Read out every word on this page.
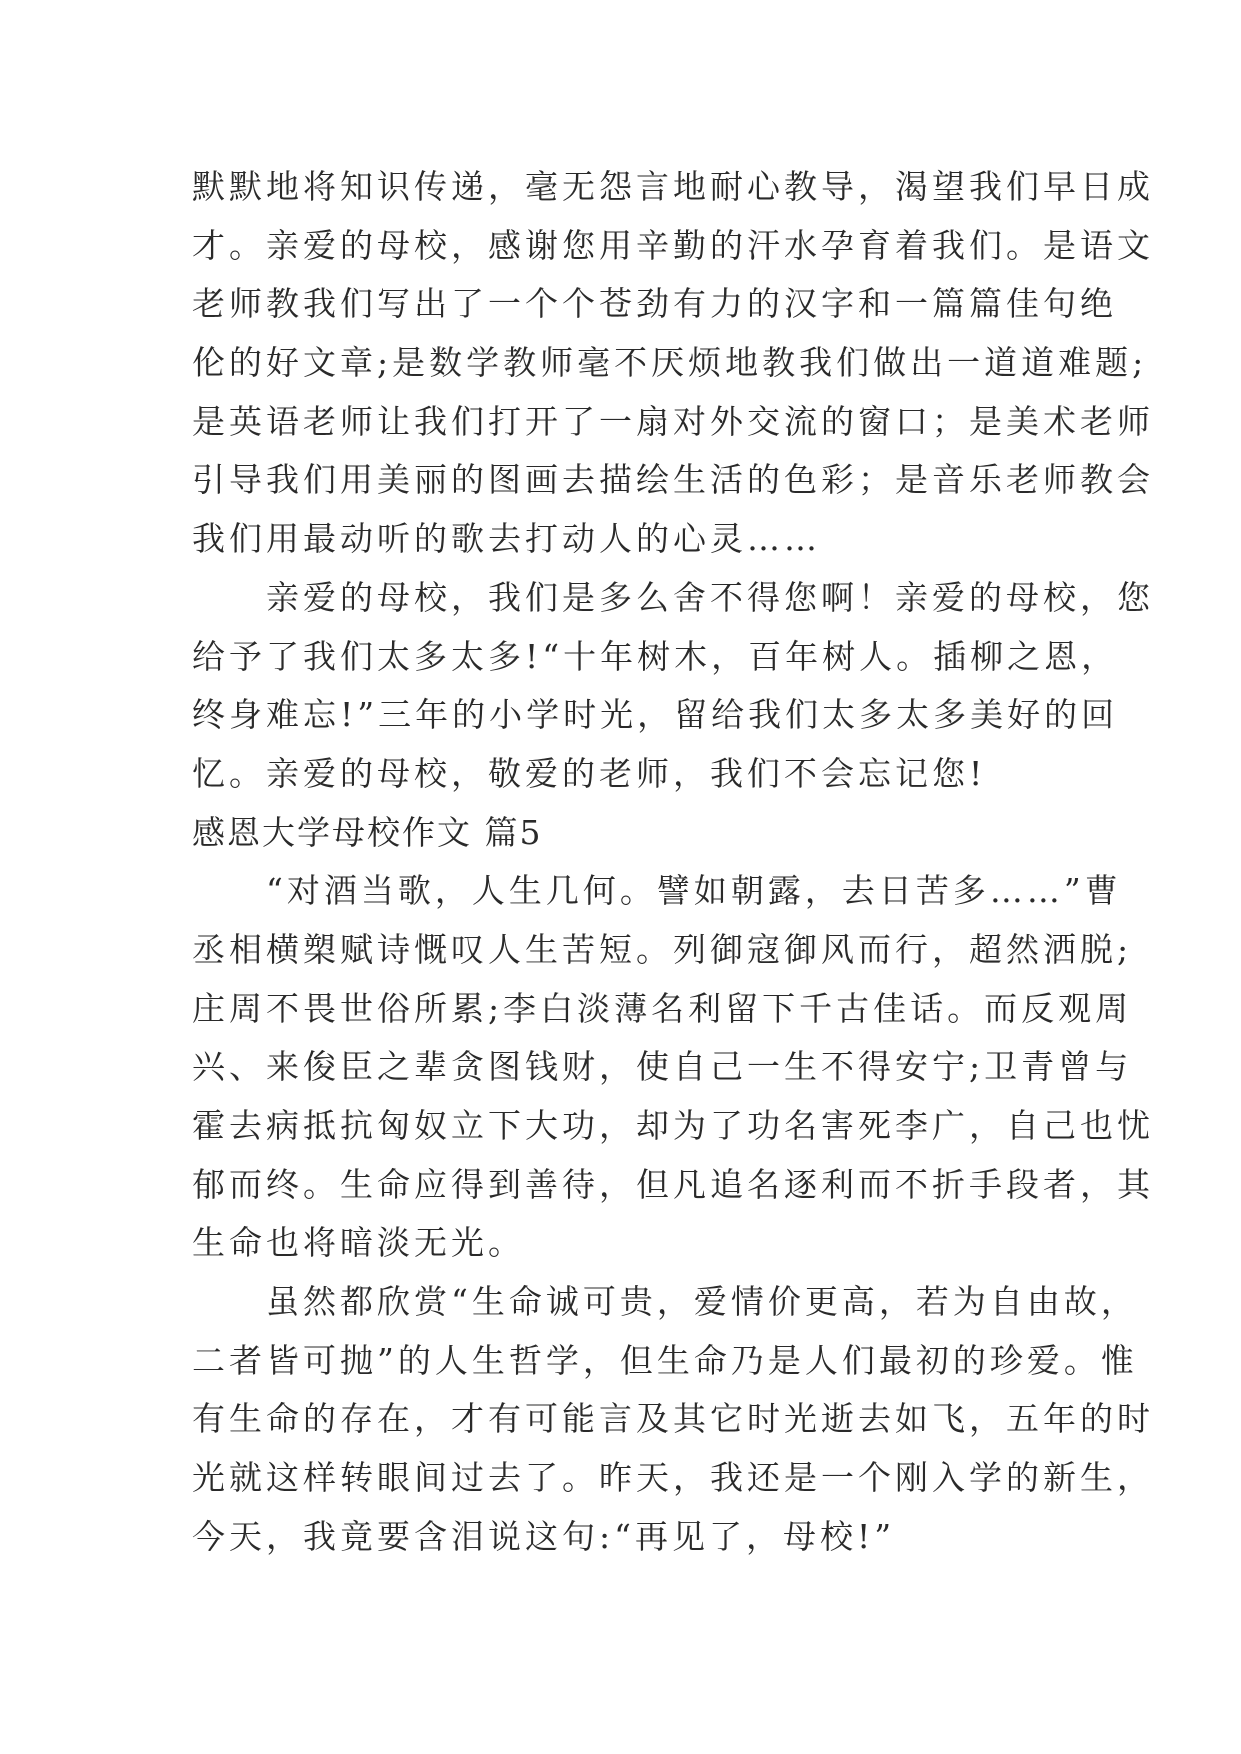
默默地将知识传递，毫无怨言地耐心教导，渴望我们早日成
才。亲爱的母校，感谢您用辛勤的汗水孕育着我们。是语文
老师教我们写出了一个个苍劲有力的汉字和一篇篇佳句绝
伦的好文章;是数学教师毫不厌烦地教我们做出一道道难题;
是英语老师让我们打开了一扇对外交流的窗口；是美术老师
引导我们用美丽的图画去描绘生活的色彩；是音乐老师教会
我们用最动听的歌去打动人的心灵……
亲爱的母校，我们是多么舍不得您啊！亲爱的母校，您
给予了我们太多太多!“十年树木，百年树人。插柳之恩，
终身难忘!”三年的小学时光，留给我们太多太多美好的回
忆。亲爱的母校，敬爱的老师，我们不会忘记您!
感恩大学母校作文 篇5
“对酒当歌，人生几何。譬如朝露，去日苦多……”曹
丞相横槊赋诗慨叹人生苦短。列御寇御风而行，超然洒脱;
庄周不畏世俗所累;李白淡薄名利留下千古佳话。而反观周
兴、来俊臣之辈贪图钱财，使自己一生不得安宁;卫青曾与
霍去病抵抗匈奴立下大功，却为了功名害死李广，自己也忧
郁而终。生命应得到善待，但凡追名逐利而不折手段者，其
生命也将暗淡无光。
虽然都欣赏“生命诚可贵，爱情价更高，若为自由故，
二者皆可抛”的人生哲学，但生命乃是人们最初的珍爱。惟
有生命的存在，才有可能言及其它时光逝去如飞，五年的时
光就这样转眼间过去了。昨天，我还是一个刚入学的新生，
今天，我竟要含泪说这句:“再见了，母校!”
